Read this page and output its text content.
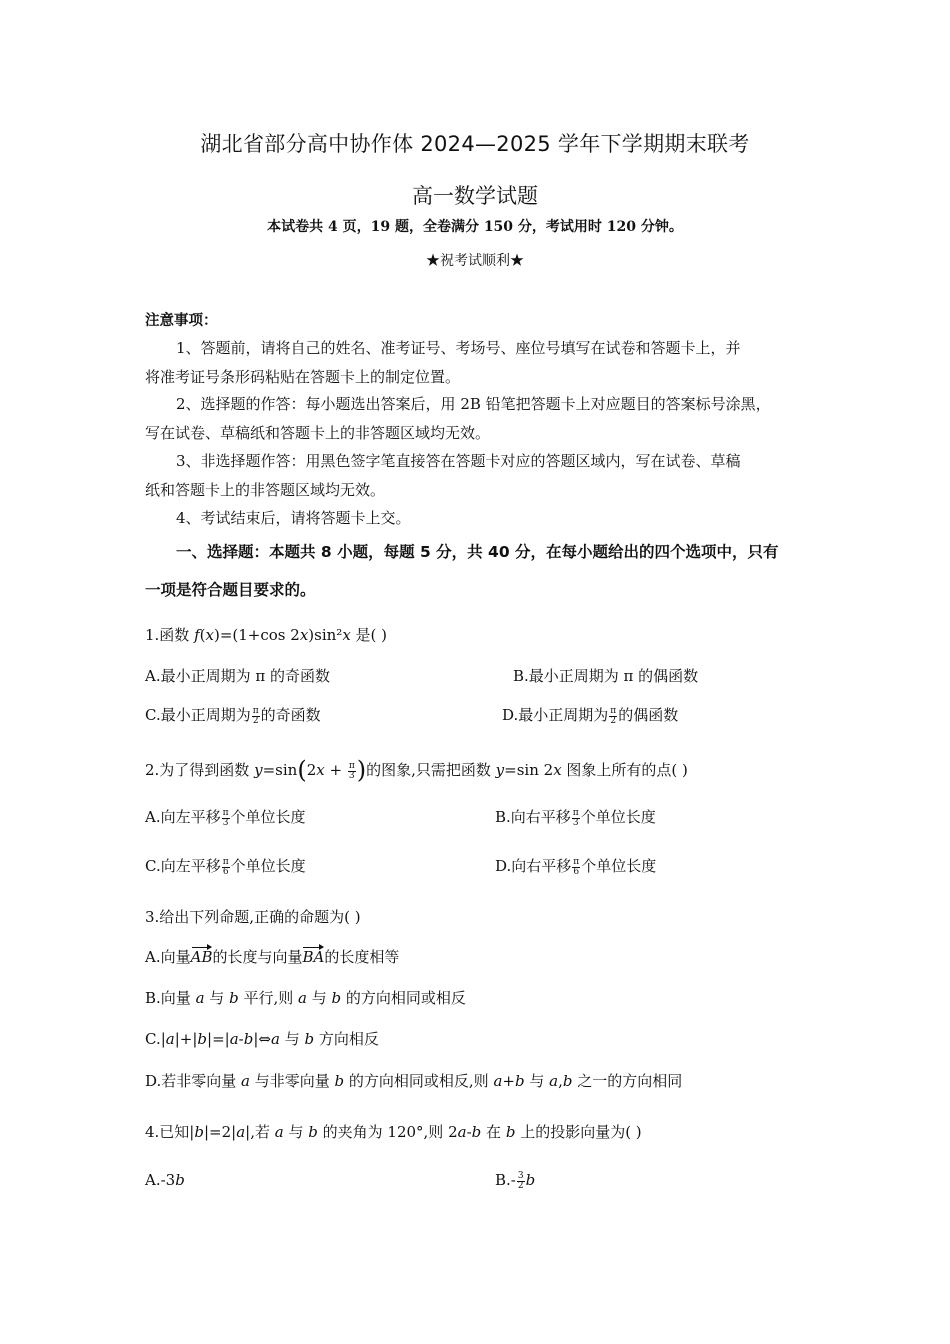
湖北省部分高中协作体 2024—2025 学年下学期期末联考
高一数学试题
本试卷共 4 页，19 题，全卷满分 150 分，考试用时 120 分钟。
★祝考试顺利★
注意事项：
1、答题前，请将自己的姓名、准考证号、考场号、座位号填写在试卷和答题卡上，并
将准考证号条形码粘贴在答题卡上的制定位置。
2、选择题的作答：每小题选出答案后，用 2B 铅笔把答题卡上对应题目的答案标号涂黑，
写在试卷、草稿纸和答题卡上的非答题区域均无效。
3、非选择题作答：用黑色签字笔直接答在答题卡对应的答题区域内，写在试卷、草稿
纸和答题卡上的非答题区域均无效。
4、考试结束后，请将答题卡上交。
一、选择题：本题共 8 小题，每题 5 分，共 40 分，在每小题给出的四个选项中，只有
一项是符合题目要求的。
1.函数 f(x)=(1+cos 2x)sin²x 是( )
A.最小正周期为 π 的奇函数	B.最小正周期为 π 的偶函数
C.最小正周期为 $\frac{\pi}{2}$ 的奇函数	D.最小正周期为 $\frac{\pi}{2}$ 的偶函数
2.为了得到函数 $y=\sin(2x + \frac{\pi}{3}$ )的图象,只需把函数 y=sin 2x 图象上所有的点( )
A.向左平移 $\frac{\pi}{3}$ 个单位长度	B.向右平移 $\frac{\pi}{3}$ 个单位长度
C.向左平移 $\frac{\pi}{6}$ 个单位长度	D.向右平移 $\frac{\pi}{6}$ 个单位长度
3.给出下列命题,正确的命题为( )
A.向量AB的长度与向量BA的长度相等
B.向量 a 与 b 平行,则 a 与 b 的方向相同或相反
C.|a|+|b|=|a-b|⇔a 与 b 方向相反
D.若非零向量 a 与非零向量 b 的方向相同或相反,则 a+b 与 a,b 之一的方向相同
4.已知|b|=2|a|,若 a 与 b 的夹角为 120°,则 2a-b 在 b 上的投影向量为( )
A.-3b	$B.- \frac{3}{2}$ b
